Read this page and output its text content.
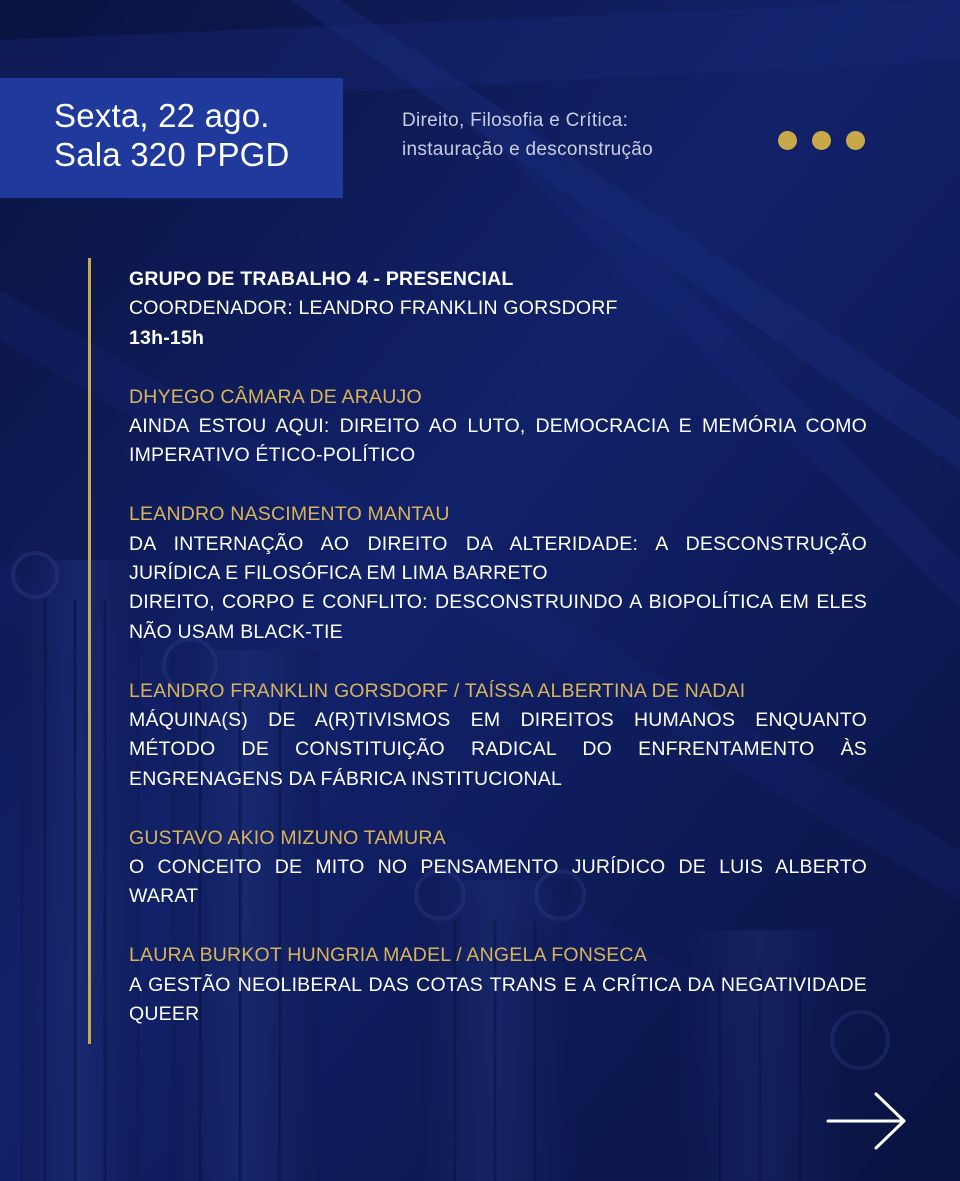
Sexta, 22 ago.
Sala 320 PPGD
Direito, Filosofia e Crítica:
instauração e desconstrução

GRUPO DE TRABALHO 4 - PRESENCIAL

COORDENADOR: LEANDRO FRANKLIN GORSDORF

13h-15h

DHYEGO CÂMARA DE ARAUJO

AINDA ESTOU AQUI: DIREITO AO LUTO, DEMOCRACIA E MEMÓRIA COMO IMPERATIVO ÉTICO-POLÍTICO

LEANDRO NASCIMENTO MANTAU

DA INTERNAÇÃO AO DIREITO DA ALTERIDADE: A DESCONSTRUÇÃO JURÍDICA E FILOSÓFICA EM LIMA BARRETO

DIREITO, CORPO E CONFLITO: DESCONSTRUINDO A BIOPOLÍTICA EM ELES NÃO USAM BLACK-TIE

LEANDRO FRANKLIN GORSDORF / TAÍSSA ALBERTINA DE NADAI

MÁQUINA(S) DE A(R)TIVISMOS EM DIREITOS HUMANOS ENQUANTO MÉTODO DE CONSTITUIÇÃO RADICAL DO ENFRENTAMENTO ÀS ENGRENAGENS DA FÁBRICA INSTITUCIONAL

GUSTAVO AKIO MIZUNO TAMURA

O CONCEITO DE MITO NO PENSAMENTO JURÍDICO DE LUIS ALBERTO WARAT

LAURA BURKOT HUNGRIA MADEL / ANGELA FONSECA

A GESTÃO NEOLIBERAL DAS COTAS TRANS E A CRÍTICA DA NEGATIVIDADE QUEER
